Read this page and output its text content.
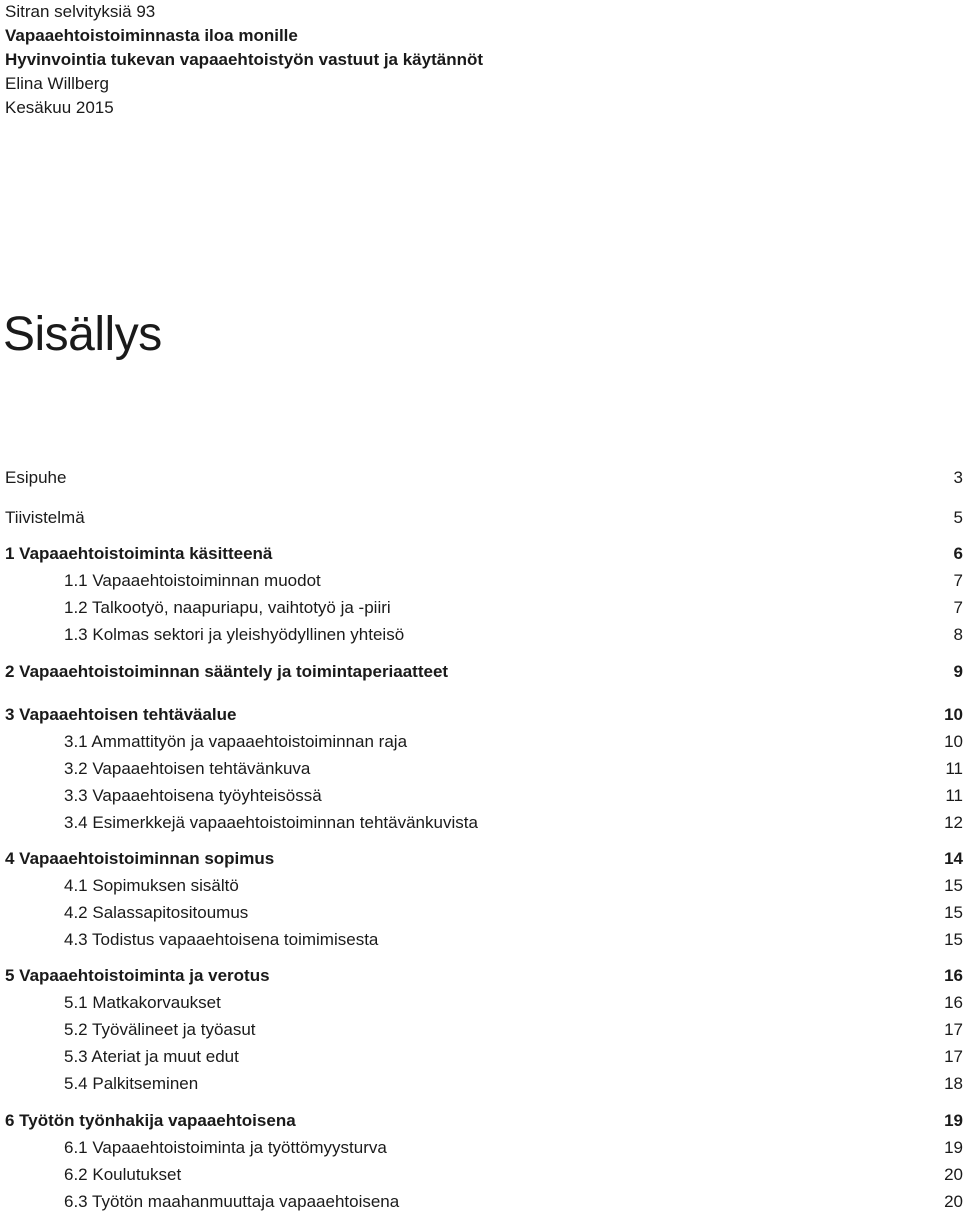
Sitran selvityksiä 93
Vapaaehtoistoiminnasta iloa monille
Hyvinvointia tukevan vapaaehtoistyön vastuut ja käytännöt
Elina Willberg
Kesäkuu 2015
Sisällys
Esipuhe	3
Tiivistelmä	5
1 Vapaaehtoistoiminta käsitteenä	6
1.1 Vapaaehtoistoiminnan muodot	7
1.2 Talkootyö, naapuriapu, vaihtotyö ja -piiri	7
1.3 Kolmas sektori ja yleishyödyllinen yhteisö	8
2 Vapaaehtoistoiminnan sääntely ja toimintaperiaatteet	9
3 Vapaaehtoisen tehtäväalue	10
3.1 Ammattityön ja vapaaehtoistoiminnan raja	10
3.2 Vapaaehtoisen tehtävänkuva	11
3.3 Vapaaehtoisena työyhteisössä	11
3.4 Esimerkkejä vapaaehtoistoiminnan tehtävänkuvista	12
4 Vapaaehtoistoiminnan sopimus	14
4.1 Sopimuksen sisältö	15
4.2 Salassapitositoumus	15
4.3 Todistus vapaaehtoisena toimimisesta	15
5 Vapaaehtoistoiminta ja verotus	16
5.1 Matkakorvaukset	16
5.2 Työvälineet ja työasut	17
5.3 Ateriat ja muut edut	17
5.4 Palkitseminen	18
6 Työtön työnhakija vapaaehtoisena	19
6.1 Vapaaehtoistoiminta ja työttömyysturva	19
6.2 Koulutukset	20
6.3 Työtön maahanmuuttaja vapaaehtoisena	20
